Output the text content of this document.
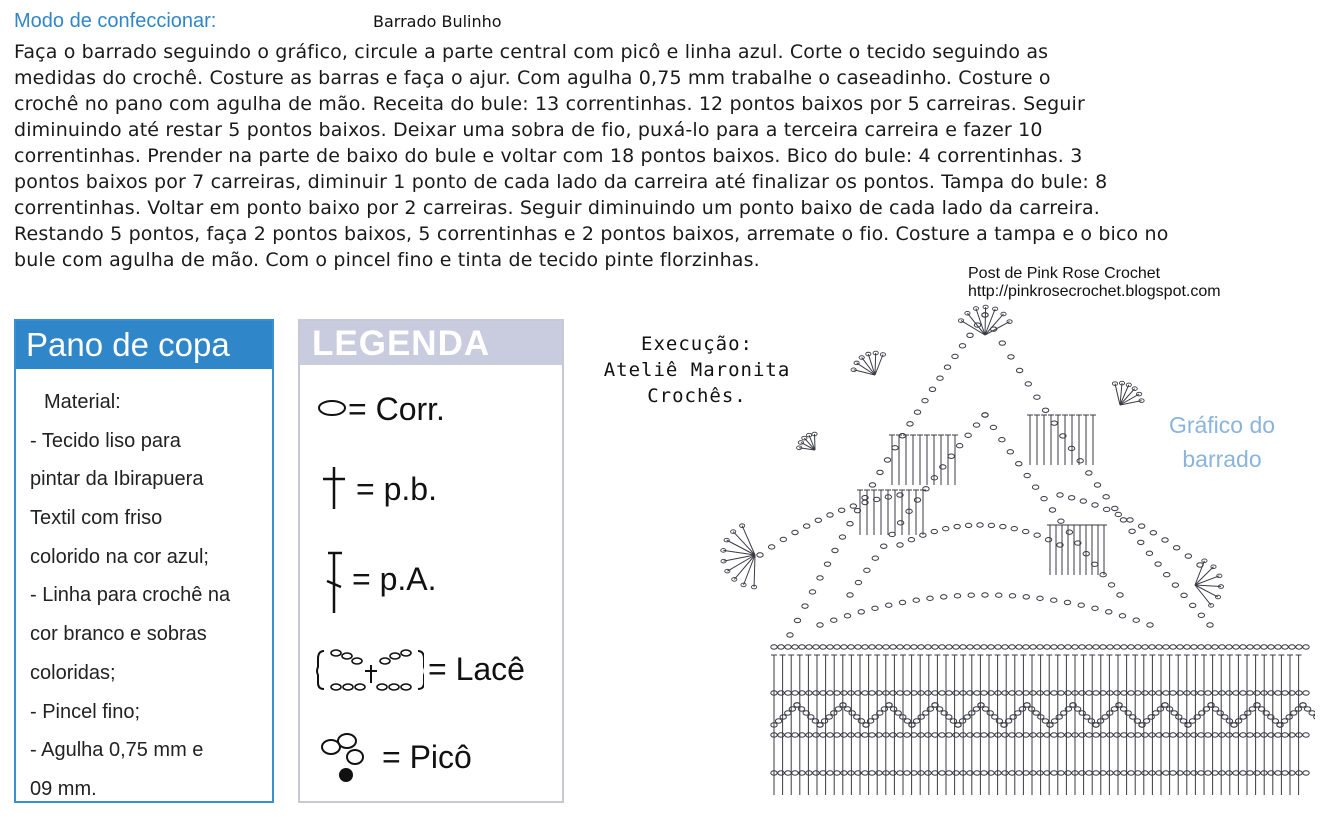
Modo de confeccionar:	Barrado Bulinho
Faça o barrado seguindo o gráfico, circule a parte central com picô e linha azul. Corte o tecido seguindo as
medidas do crochê. Costure as barras e faça o ajur. Com agulha 0,75 mm trabalhe o caseadinho. Costure o
crochê no pano com agulha de mão. Receita do bule: 13 correntinhas. 12 pontos baixos por 5 carreiras. Seguir
diminuindo até restar 5 pontos baixos. Deixar uma sobra de fio, puxá-lo para a terceira carreira e fazer 10
correntinhas. Prender na parte de baixo do bule e voltar com 18 pontos baixos. Bico do bule: 4 correntinhas. 3
pontos baixos por 7 carreiras, diminuir 1 ponto de cada lado da carreira até finalizar os pontos. Tampa do bule: 8
correntinhas. Voltar em ponto baixo por 2 carreiras. Seguir diminuindo um ponto baixo de cada lado da carreira.
Restando 5 pontos, faça 2 pontos baixos, 5 correntinhas e 2 pontos baixos, arremate o fio. Costure a tampa e o bico no
bule com agulha de mão. Com o pincel fino e tinta de tecido pinte florzinhas.
Post de Pink Rose Crochet
http://pinkrosecrochet.blogspot.com
Pano de copa
Material:
- Tecido liso para
pintar da Ibirapuera
Textil com friso
colorido na cor azul;
- Linha para crochê na
cor branco e sobras
coloridas;
- Pincel fino;
- Agulha 0,75 mm e
09 mm.
LEGENDA
= Corr.
= p.b.
= p.A.
= Lacê
= Picô
Execução:
Ateliê Maronita
Crochês.
Gráfico do
barrado
